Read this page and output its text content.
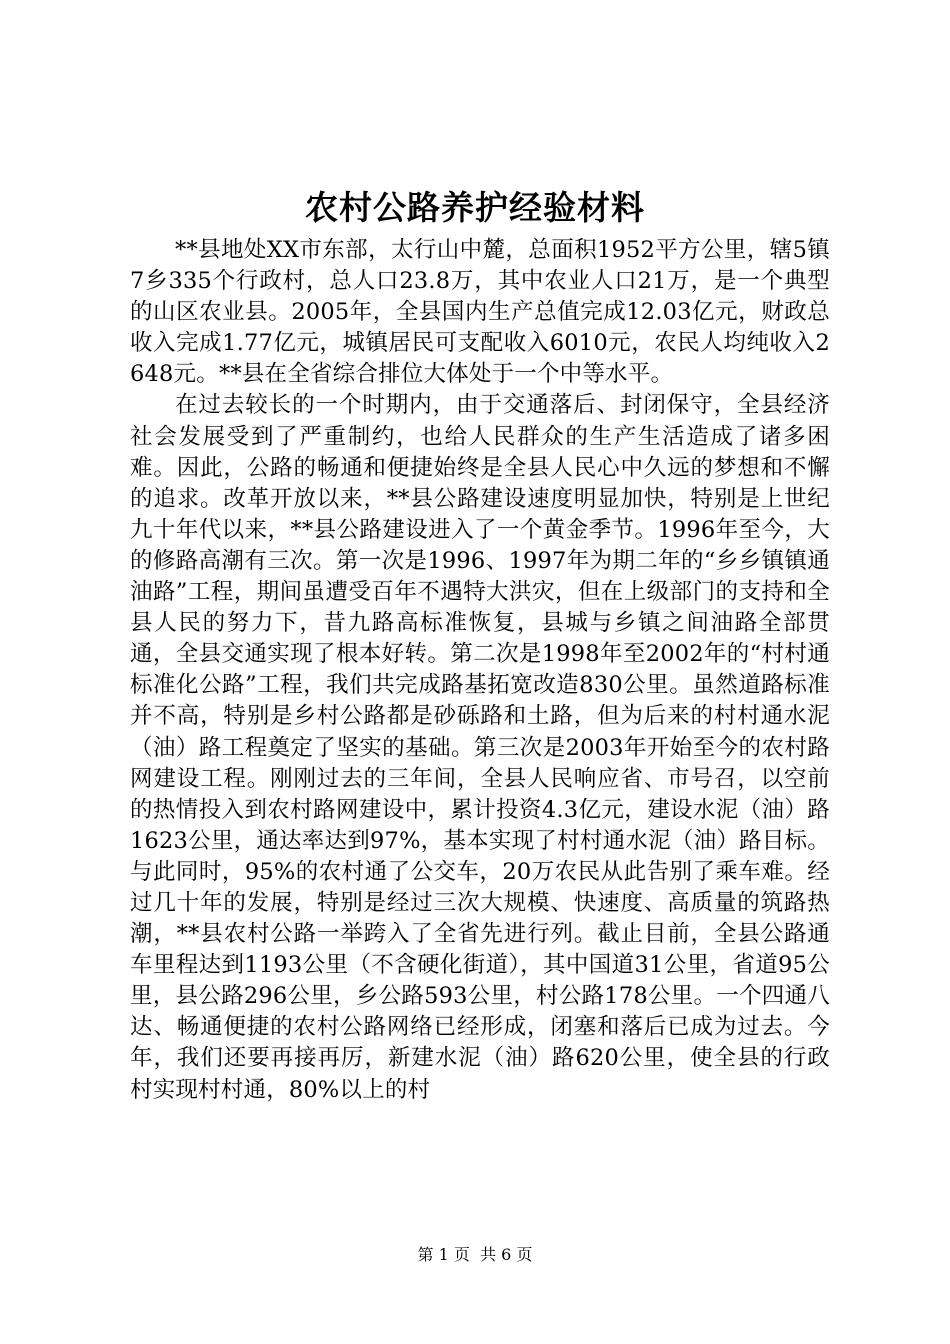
农村公路养护经验材料

**县地处XX市东部，太行山中麓，总面积1952平方公里，辖5镇7乡335个行政村，总人口23.8万，其中农业人口21万，是一个典型的山区农业县。2005年，全县国内生产总值完成12.03亿元，财政总收入完成1.77亿元，城镇居民可支配收入6010元，农民人均纯收入2648元。**县在全省综合排位大体处于一个中等水平。

在过去较长的一个时期内，由于交通落后、封闭保守，全县经济社会发展受到了严重制约，也给人民群众的生产生活造成了诸多困难。因此，公路的畅通和便捷始终是全县人民心中久远的梦想和不懈的追求。改革开放以来，**县公路建设速度明显加快，特别是上世纪九十年代以来，**县公路建设进入了一个黄金季节。1996年至今，大的修路高潮有三次。第一次是1996、1997年为期二年的“乡乡镇镇通油路”工程，期间虽遭受百年不遇特大洪灾，但在上级部门的支持和全县人民的努力下，昔九路高标准恢复，县城与乡镇之间油路全部贯通，全县交通实现了根本好转。第二次是1998年至2002年的“村村通标准化公路”工程，我们共完成路基拓宽改造830公里。虽然道路标准并不高，特别是乡村公路都是砂砾路和土路，但为后来的村村通水泥（油）路工程奠定了坚实的基础。第三次是2003年开始至今的农村路网建设工程。刚刚过去的三年间，全县人民响应省、市号召，以空前的热情投入到农村路网建设中，累计投资4.3亿元，建设水泥（油）路1623公里，通达率达到97%，基本实现了村村通水泥（油）路目标。与此同时，95%的农村通了公交车，20万农民从此告别了乘车难。经过几十年的发展，特别是经过三次大规模、快速度、高质量的筑路热潮，**县农村公路一举跨入了全省先进行列。截止目前，全县公路通车里程达到1193公里（不含硬化街道），其中国道31公里，省道95公里，县公路296公里，乡公路593公里，村公路178公里。一个四通八达、畅通便捷的农村公路网络已经形成，闭塞和落后已成为过去。今年，我们还要再接再厉，新建水泥（油）路620公里，使全县的行政村实现村村通，80%以上的村

第 1 页  共 6 页
